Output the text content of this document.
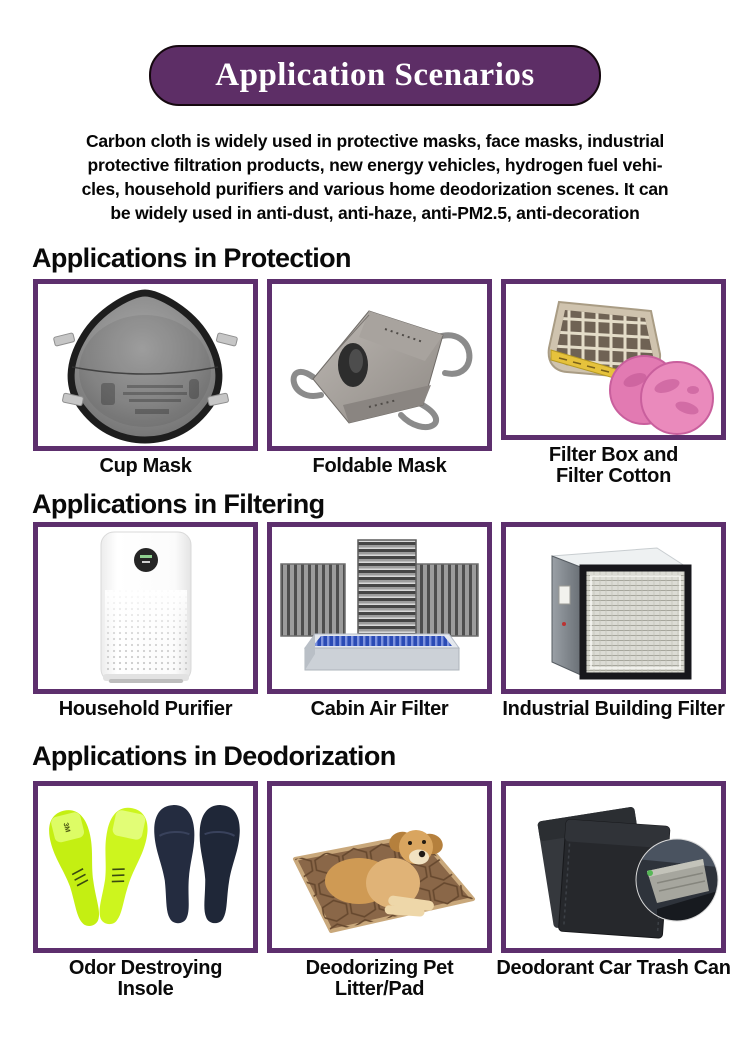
Application Scenarios
Carbon cloth is widely used in protective masks, face masks, industrial
protective filtration products, new energy vehicles, hydrogen fuel vehi-
cles, household purifiers and various home deodorization scenes. It can
be widely used in anti-dust, anti-haze, anti-PM2.5, anti-decoration
Applications in Protection
Cup Mask	Foldable Mask	Filter Box and Filter Cotton
Applications in Filtering
Household Purifier	Cabin Air Filter	Industrial Building Filter
Applications in Deodorization
3M
Odor Destroying Insole
Deodorizing Pet Litter/Pad
Deodorant Car Trash Can
